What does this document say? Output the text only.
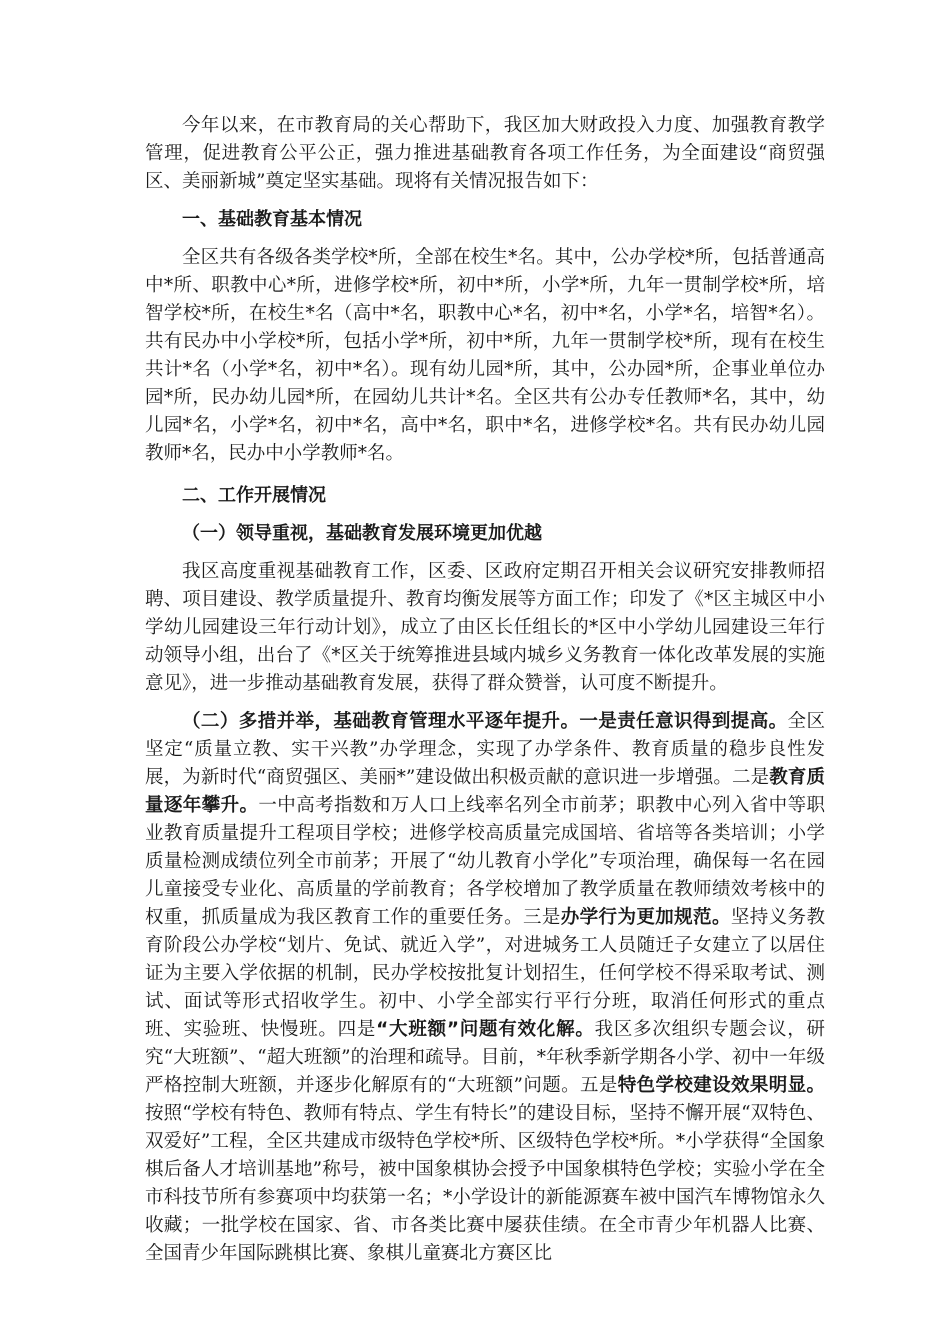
今年以来，在市教育局的关心帮助下，我区加大财政投入力度、加强教育教学管理，促进教育公平公正，强力推进基础教育各项工作任务，为全面建设“商贸强区、美丽新城”奠定坚实基础。现将有关情况报告如下：

一、基础教育基本情况

全区共有各级各类学校*所，全部在校生*名。其中，公办学校*所，包括普通高中*所、职教中心*所，进修学校*所，初中*所，小学*所，九年一贯制学校*所，培智学校*所，在校生*名（高中*名，职教中心*名，初中*名，小学*名，培智*名）。共有民办中小学校*所，包括小学*所，初中*所，九年一贯制学校*所，现有在校生共计*名（小学*名，初中*名）。现有幼儿园*所，其中，公办园*所，企事业单位办园*所，民办幼儿园*所，在园幼儿共计*名。全区共有公办专任教师*名，其中，幼儿园*名，小学*名，初中*名，高中*名，职中*名，进修学校*名。共有民办幼儿园教师*名，民办中小学教师*名。

二、工作开展情况

（一）领导重视，基础教育发展环境更加优越

我区高度重视基础教育工作，区委、区政府定期召开相关会议研究安排教师招聘、项目建设、教学质量提升、教育均衡发展等方面工作；印发了《*区主城区中小学幼儿园建设三年行动计划》，成立了由区长任组长的*区中小学幼儿园建设三年行动领导小组，出台了《*区关于统筹推进县域内城乡义务教育一体化改革发展的实施意见》，进一步推动基础教育发展，获得了群众赞誉，认可度不断提升。

（二）多措并举，基础教育管理水平逐年提升。一是责任意识得到提高。全区坚定“质量立教、实干兴教”办学理念，实现了办学条件、教育质量的稳步良性发展，为新时代“商贸强区、美丽*”建设做出积极贡献的意识进一步增强。二是教育质量逐年攀升。一中高考指数和万人口上线率名列全市前茅；职教中心列入省中等职业教育质量提升工程项目学校；进修学校高质量完成国培、省培等各类培训；小学质量检测成绩位列全市前茅；开展了“幼儿教育小学化”专项治理，确保每一名在园儿童接受专业化、高质量的学前教育；各学校增加了教学质量在教师绩效考核中的权重，抓质量成为我区教育工作的重要任务。三是办学行为更加规范。坚持义务教育阶段公办学校“划片、免试、就近入学”，对进城务工人员随迁子女建立了以居住证为主要入学依据的机制，民办学校按批复计划招生，任何学校不得采取考试、测试、面试等形式招收学生。初中、小学全部实行平行分班，取消任何形式的重点班、实验班、快慢班。四是“大班额”问题有效化解。我区多次组织专题会议，研究“大班额”、“超大班额”的治理和疏导。目前，*年秋季新学期各小学、初中一年级严格控制大班额，并逐步化解原有的“大班额”问题。五是特色学校建设效果明显。按照“学校有特色、教师有特点、学生有特长”的建设目标，坚持不懈开展“双特色、双爱好”工程，全区共建成市级特色学校*所、区级特色学校*所。*小学获得“全国象棋后备人才培训基地”称号，被中国象棋协会授予中国象棋特色学校；实验小学在全市科技节所有参赛项中均获第一名；*小学设计的新能源赛车被中国汽车博物馆永久收藏；一批学校在国家、省、市各类比赛中屡获佳绩。在全市青少年机器人比赛、全国青少年国际跳棋比赛、象棋儿童赛北方赛区比
